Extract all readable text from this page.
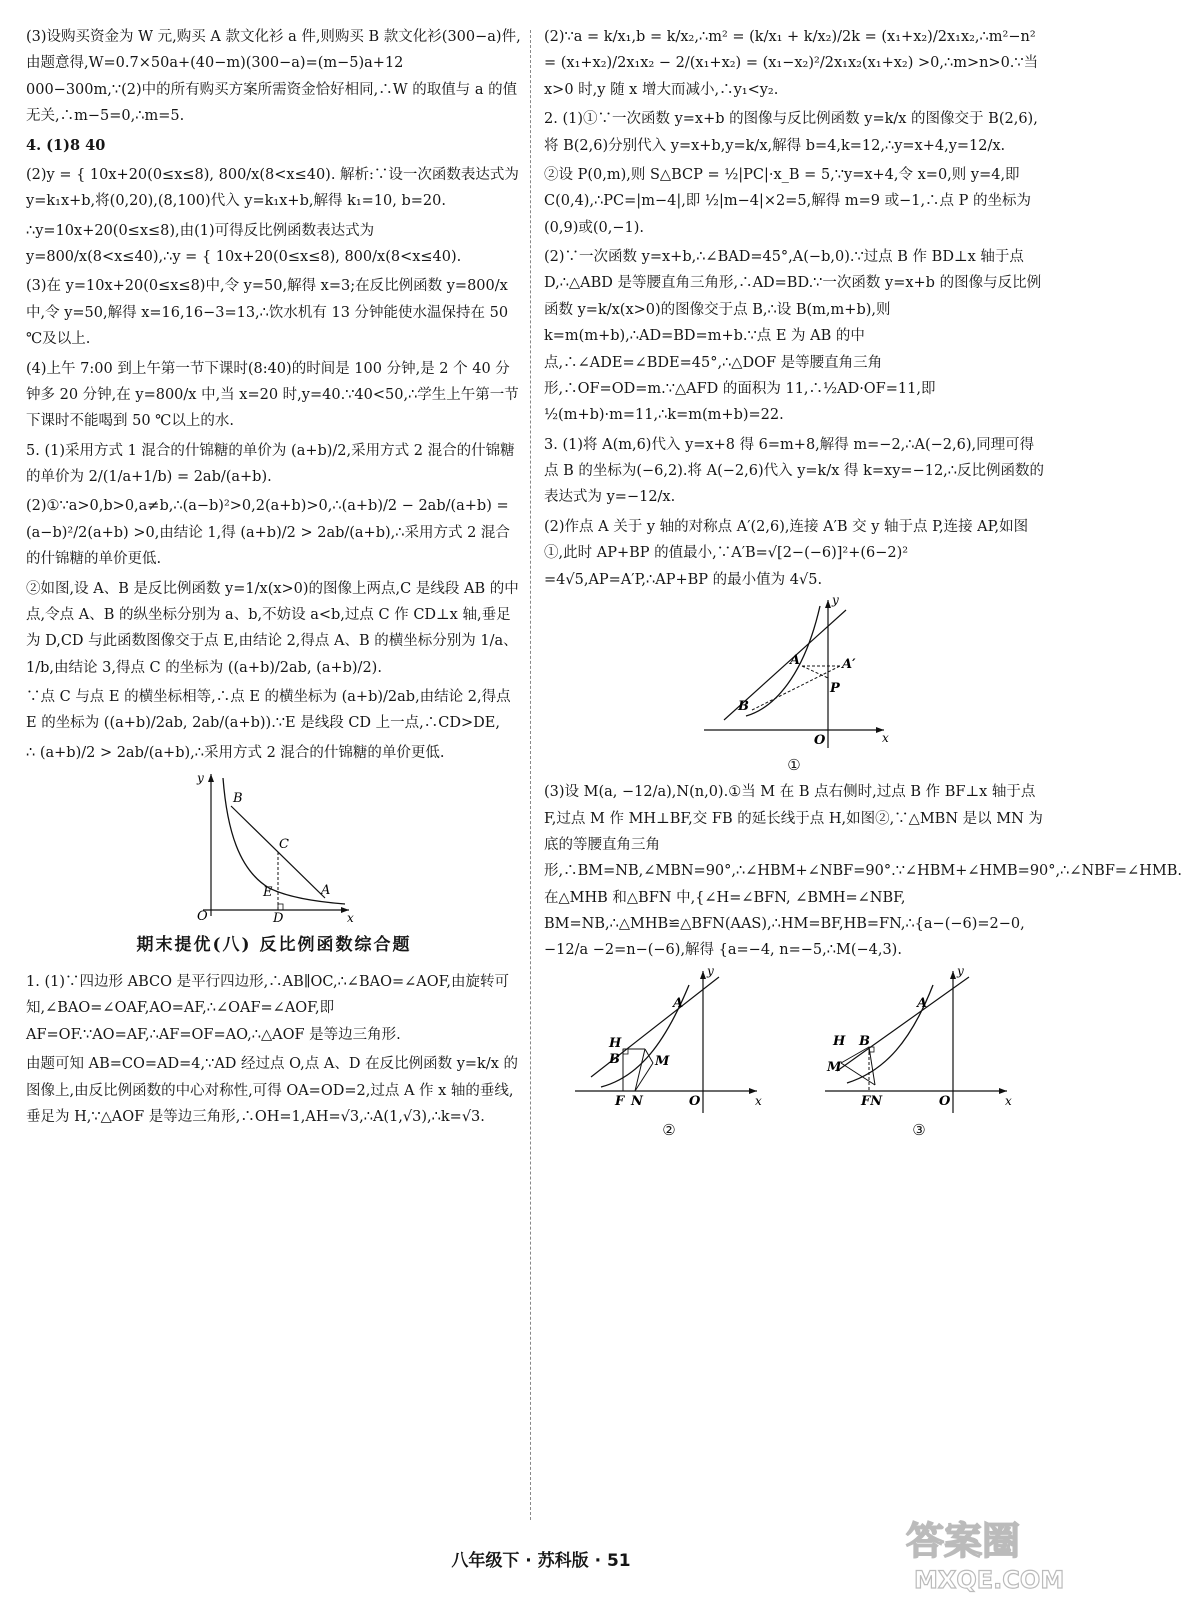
(3)设购买资金为 W 元,购买 A 款文化衫 a 件,则购买 B 款文化衫(300−a)件,由题意得,W=0.7×50a+(40−m)(300−a)=(m−5)a+12 000−300m,∵(2)中的所有购买方案所需资金恰好相同,∴W 的取值与 a 的值无关,∴m−5=0,∴m=5.

4. (1)8 40

(2)y = { 10x+20(0≤x≤8), 800/x(8<x≤40). 解析:∵设一次函数表达式为 y=k₁x+b,将(0,20),(8,100)代入 y=k₁x+b,解得 k₁=10, b=20.

∴y=10x+20(0≤x≤8),由(1)可得反比例函数表达式为 y=800/x(8<x≤40),∴y = { 10x+20(0≤x≤8), 800/x(8<x≤40).

(3)在 y=10x+20(0≤x≤8)中,令 y=50,解得 x=3;在反比例函数 y=800/x 中,令 y=50,解得 x=16,16−3=13,∴饮水机有 13 分钟能使水温保持在 50 ℃及以上.

(4)上午 7:00 到上午第一节下课时(8:40)的时间是 100 分钟,是 2 个 40 分钟多 20 分钟,在 y=800/x 中,当 x=20 时,y=40.∵40<50,∴学生上午第一节下课时不能喝到 50 ℃以上的水.

5. (1)采用方式 1 混合的什锦糖的单价为 (a+b)/2,采用方式 2 混合的什锦糖的单价为 2/(1/a+1/b) = 2ab/(a+b).

(2)①∵a>0,b>0,a≠b,∴(a−b)²>0,2(a+b)>0,∴(a+b)/2 − 2ab/(a+b) = (a−b)²/2(a+b) >0,由结论 1,得 (a+b)/2 > 2ab/(a+b),∴采用方式 2 混合的什锦糖的单价更低.

②如图,设 A、B 是反比例函数 y=1/x(x>0)的图像上两点,C 是线段 AB 的中点,令点 A、B 的纵坐标分别为 a、b,不妨设 a<b,过点 C 作 CD⊥x 轴,垂足为 D,CD 与此函数图像交于点 E,由结论 2,得点 A、B 的横坐标分别为 1/a、1/b,由结论 3,得点 C 的坐标为 ((a+b)/2ab, (a+b)/2).

∵点 C 与点 E 的横坐标相等,∴点 E 的横坐标为 (a+b)/2ab,由结论 2,得点 E 的坐标为 ((a+b)/2ab, 2ab/(a+b)).∵E 是线段 CD 上一点,∴CD>DE,

∴ (a+b)/2 > 2ab/(a+b),∴采用方式 2 混合的什锦糖的单价更低.

B
C
E	A
O	D	x
y
期末提优(八) 反比例函数综合题

1. (1)∵四边形 ABCO 是平行四边形,∴AB∥OC,∴∠BAO=∠AOF,由旋转可知,∠BAO=∠OAF,AO=AF,∴∠OAF=∠AOF,即 AF=OF.∵AO=AF,∴AF=OF=AO,∴△AOF 是等边三角形.

由题可知 AB=CO=AD=4,∵AD 经过点 O,点 A、D 在反比例函数 y=k/x 的图像上,由反比例函数的中心对称性,可得 OA=OD=2,过点 A 作 x 轴的垂线,垂足为 H,∵△AOF 是等边三角形,∴OH=1,AH=√3,∴A(1,√3),∴k=√3.

(2)∵a = k/x₁,b = k/x₂,∴m² = (k/x₁ + k/x₂)/2k = (x₁+x₂)/2x₁x₂,∴m²−n² = (x₁+x₂)/2x₁x₂ − 2/(x₁+x₂) = (x₁−x₂)²/2x₁x₂(x₁+x₂) >0,∴m>n>0.∵当 x>0 时,y 随 x 增大而减小,∴y₁<y₂.

2. (1)①∵一次函数 y=x+b 的图像与反比例函数 y=k/x 的图像交于 B(2,6),将 B(2,6)分别代入 y=x+b,y=k/x,解得 b=4,k=12,∴y=x+4,y=12/x.

②设 P(0,m),则 S△BCP = ½|PC|·x_B = 5,∵y=x+4,令 x=0,则 y=4,即 C(0,4),∴PC=|m−4|,即 ½|m−4|×2=5,解得 m=9 或−1,∴点 P 的坐标为(0,9)或(0,−1).

(2)∵一次函数 y=x+b,∴∠BAD=45°,A(−b,0).∵过点 B 作 BD⊥x 轴于点 D,∴△ABD 是等腰直角三角形,∴AD=BD.∵一次函数 y=x+b 的图像与反比例函数 y=k/x(x>0)的图像交于点 B,∴设 B(m,m+b),则 k=m(m+b),∴AD=BD=m+b.∵点 E 为 AB 的中点,∴∠ADE=∠BDE=45°,∴△DOF 是等腰直角三角形,∴OF=OD=m.∵△AFD 的面积为 11,∴½AD·OF=11,即 ½(m+b)·m=11,∴k=m(m+b)=22.

3. (1)将 A(m,6)代入 y=x+8 得 6=m+8,解得 m=−2,∴A(−2,6),同理可得点 B 的坐标为(−6,2).将 A(−2,6)代入 y=k/x 得 k=xy=−12,∴反比例函数的表达式为 y=−12/x.

(2)作点 A 关于 y 轴的对称点 A′(2,6),连接 A′B 交 y 轴于点 P,连接 AP,如图①,此时 AP+BP 的值最小,∵A′B=√[2−(−6)]²+(6−2)² =4√5,AP=A′P,∴AP+BP 的最小值为 4√5.

y
A	A′
P
B
O	x
①

(3)设 M(a, −12/a),N(n,0).①当 M 在 B 点右侧时,过点 B 作 BF⊥x 轴于点 F,过点 M 作 MH⊥BF,交 FB 的延长线于点 H,如图②,∵△MBN 是以 MN 为底的等腰直角三角形,∴BM=NB,∠MBN=90°,∴∠HBM+∠NBF=90°.∵∠HBM+∠HMB=90°,∴∠NBF=∠HMB.在△MHB 和△BFN 中,{∠H=∠BFN, ∠BMH=∠NBF, BM=NB,∴△MHB≌△BFN(AAS),∴HM=BF,HB=FN,∴{a−(−6)=2−0, −12/a −2=n−(−6),解得 {a=−4, n=−5,∴M(−4,3).

y
A
H
B	M
F N	O	x
②
y
A
H B
M
FN	O	x
③
八年级下 · 苏科版 · 51	答案圈
MXQE.COM
